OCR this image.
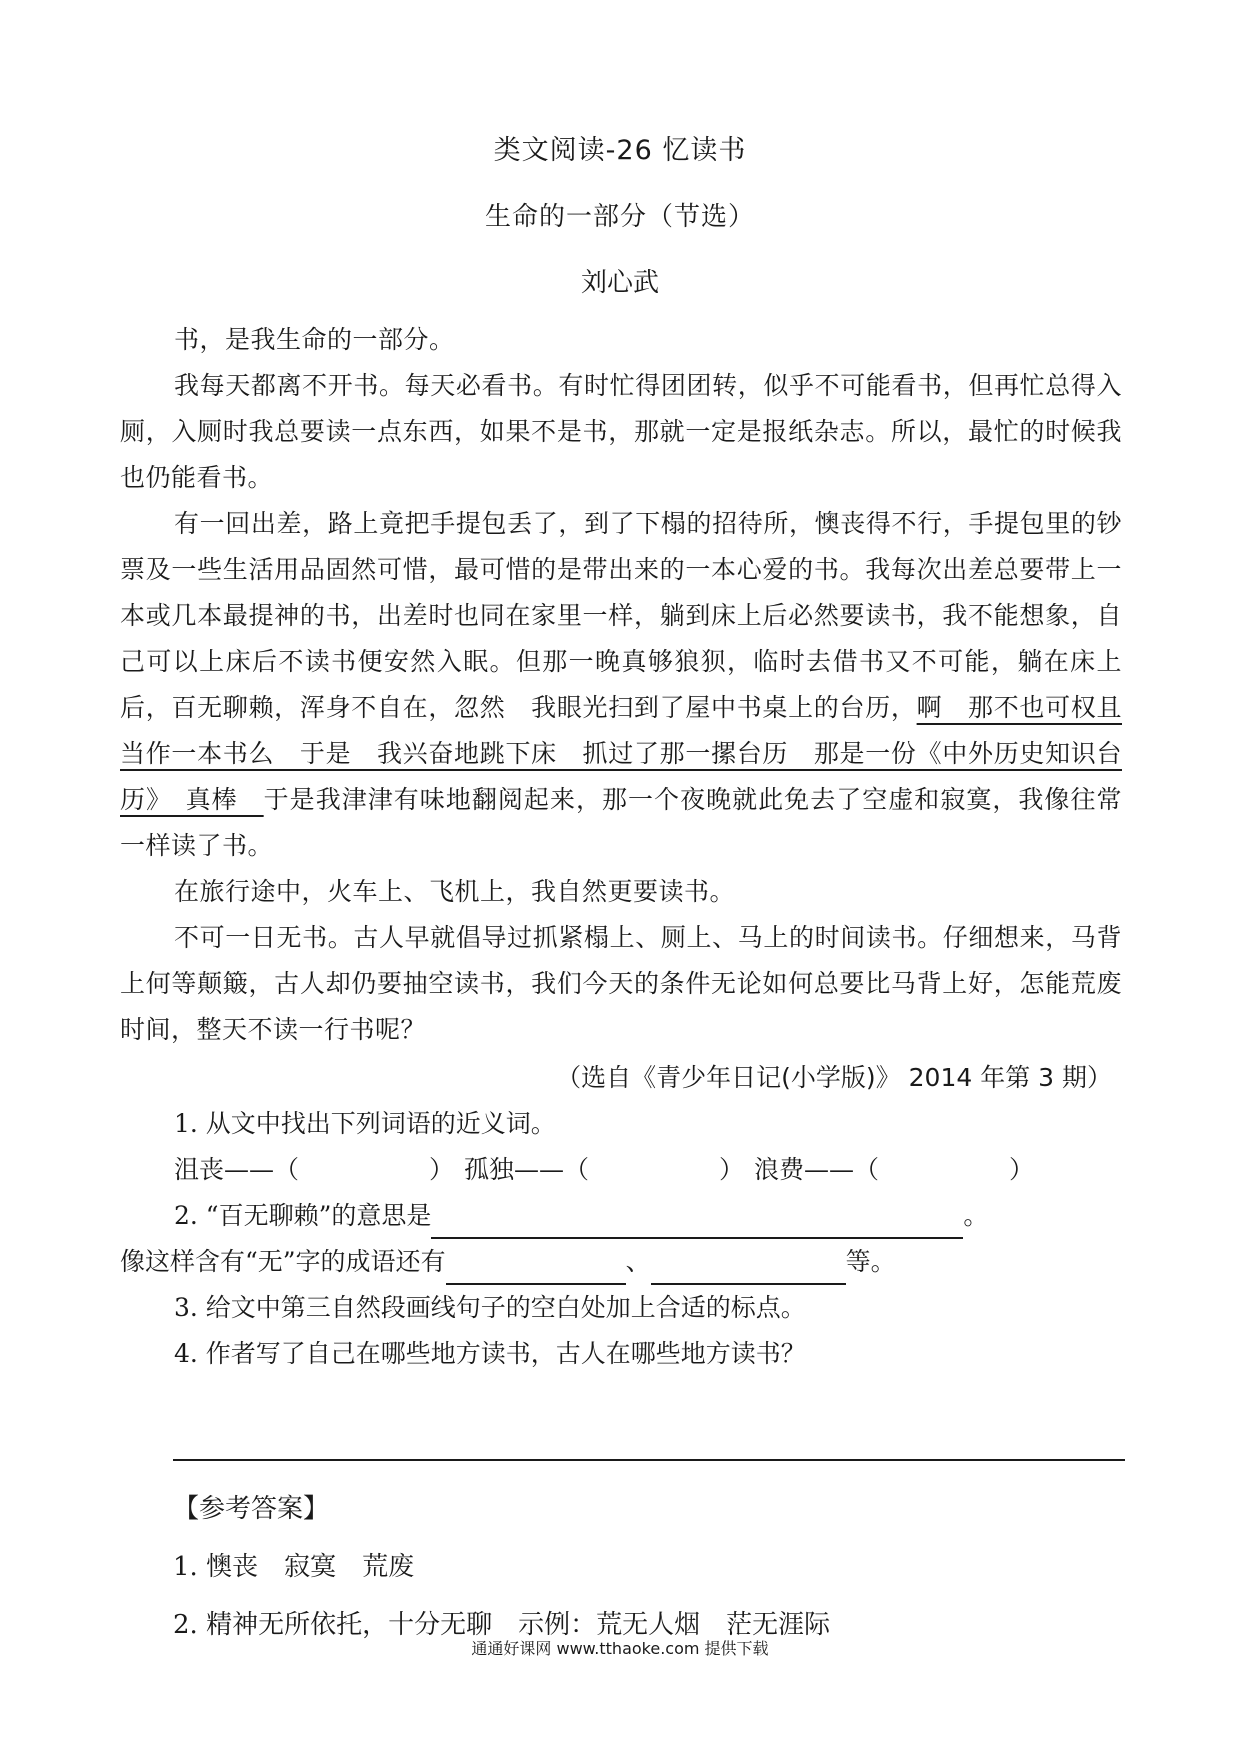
类文阅读-26 忆读书
生命的一部分（节选）
刘心武

书，是我生命的一部分。

我每天都离不开书。每天必看书。有时忙得团团转，似乎不可能看书，但再忙总得入厕，入厕时我总要读一点东西，如果不是书，那就一定是报纸杂志。所以，最忙的时候我也仍能看书。

有一回出差，路上竟把手提包丢了，到了下榻的招待所，懊丧得不行，手提包里的钞票及一些生活用品固然可惜，最可惜的是带出来的一本心爱的书。我每次出差总要带上一本或几本最提神的书，出差时也同在家里一样，躺到床上后必然要读书，我不能想象，自己可以上床后不读书便安然入眠。但那一晚真够狼狈，临时去借书又不可能，躺在床上后，百无聊赖，浑身不自在，忽然　我眼光扫到了屋中书桌上的台历，啊　那不也可权且当作一本书么　于是　我兴奋地跳下床　抓过了那一摞台历　那是一份《中外历史知识台历》　真棒　于是我津津有味地翻阅起来，那一个夜晚就此免去了空虚和寂寞，我像往常一样读了书。

在旅行途中，火车上、飞机上，我自然更要读书。

不可一日无书。古人早就倡导过抓紧榻上、厕上、马上的时间读书。仔细想来，马背上何等颠簸，古人却仍要抽空读书，我们今天的条件无论如何总要比马背上好，怎能荒废时间，整天不读一行书呢？

（选自《青少年日记(小学版)》 2014 年第 3 期）

1. 从文中找出下列词语的近义词。

沮丧——（	） 孤独——（	） 浪费——（	）

2. “百无聊赖”的意思是	。

像这样含有“无”字的成语还有	、	等。

3. 给文中第三自然段画线句子的空白处加上合适的标点。

4. 作者写了自己在哪些地方读书，古人在哪些地方读书？

【参考答案】

1. 懊丧　寂寞　荒废

2. 精神无所依托，十分无聊　示例：荒无人烟　茫无涯际

通通好课网 www.tthaoke.com 提供下载
